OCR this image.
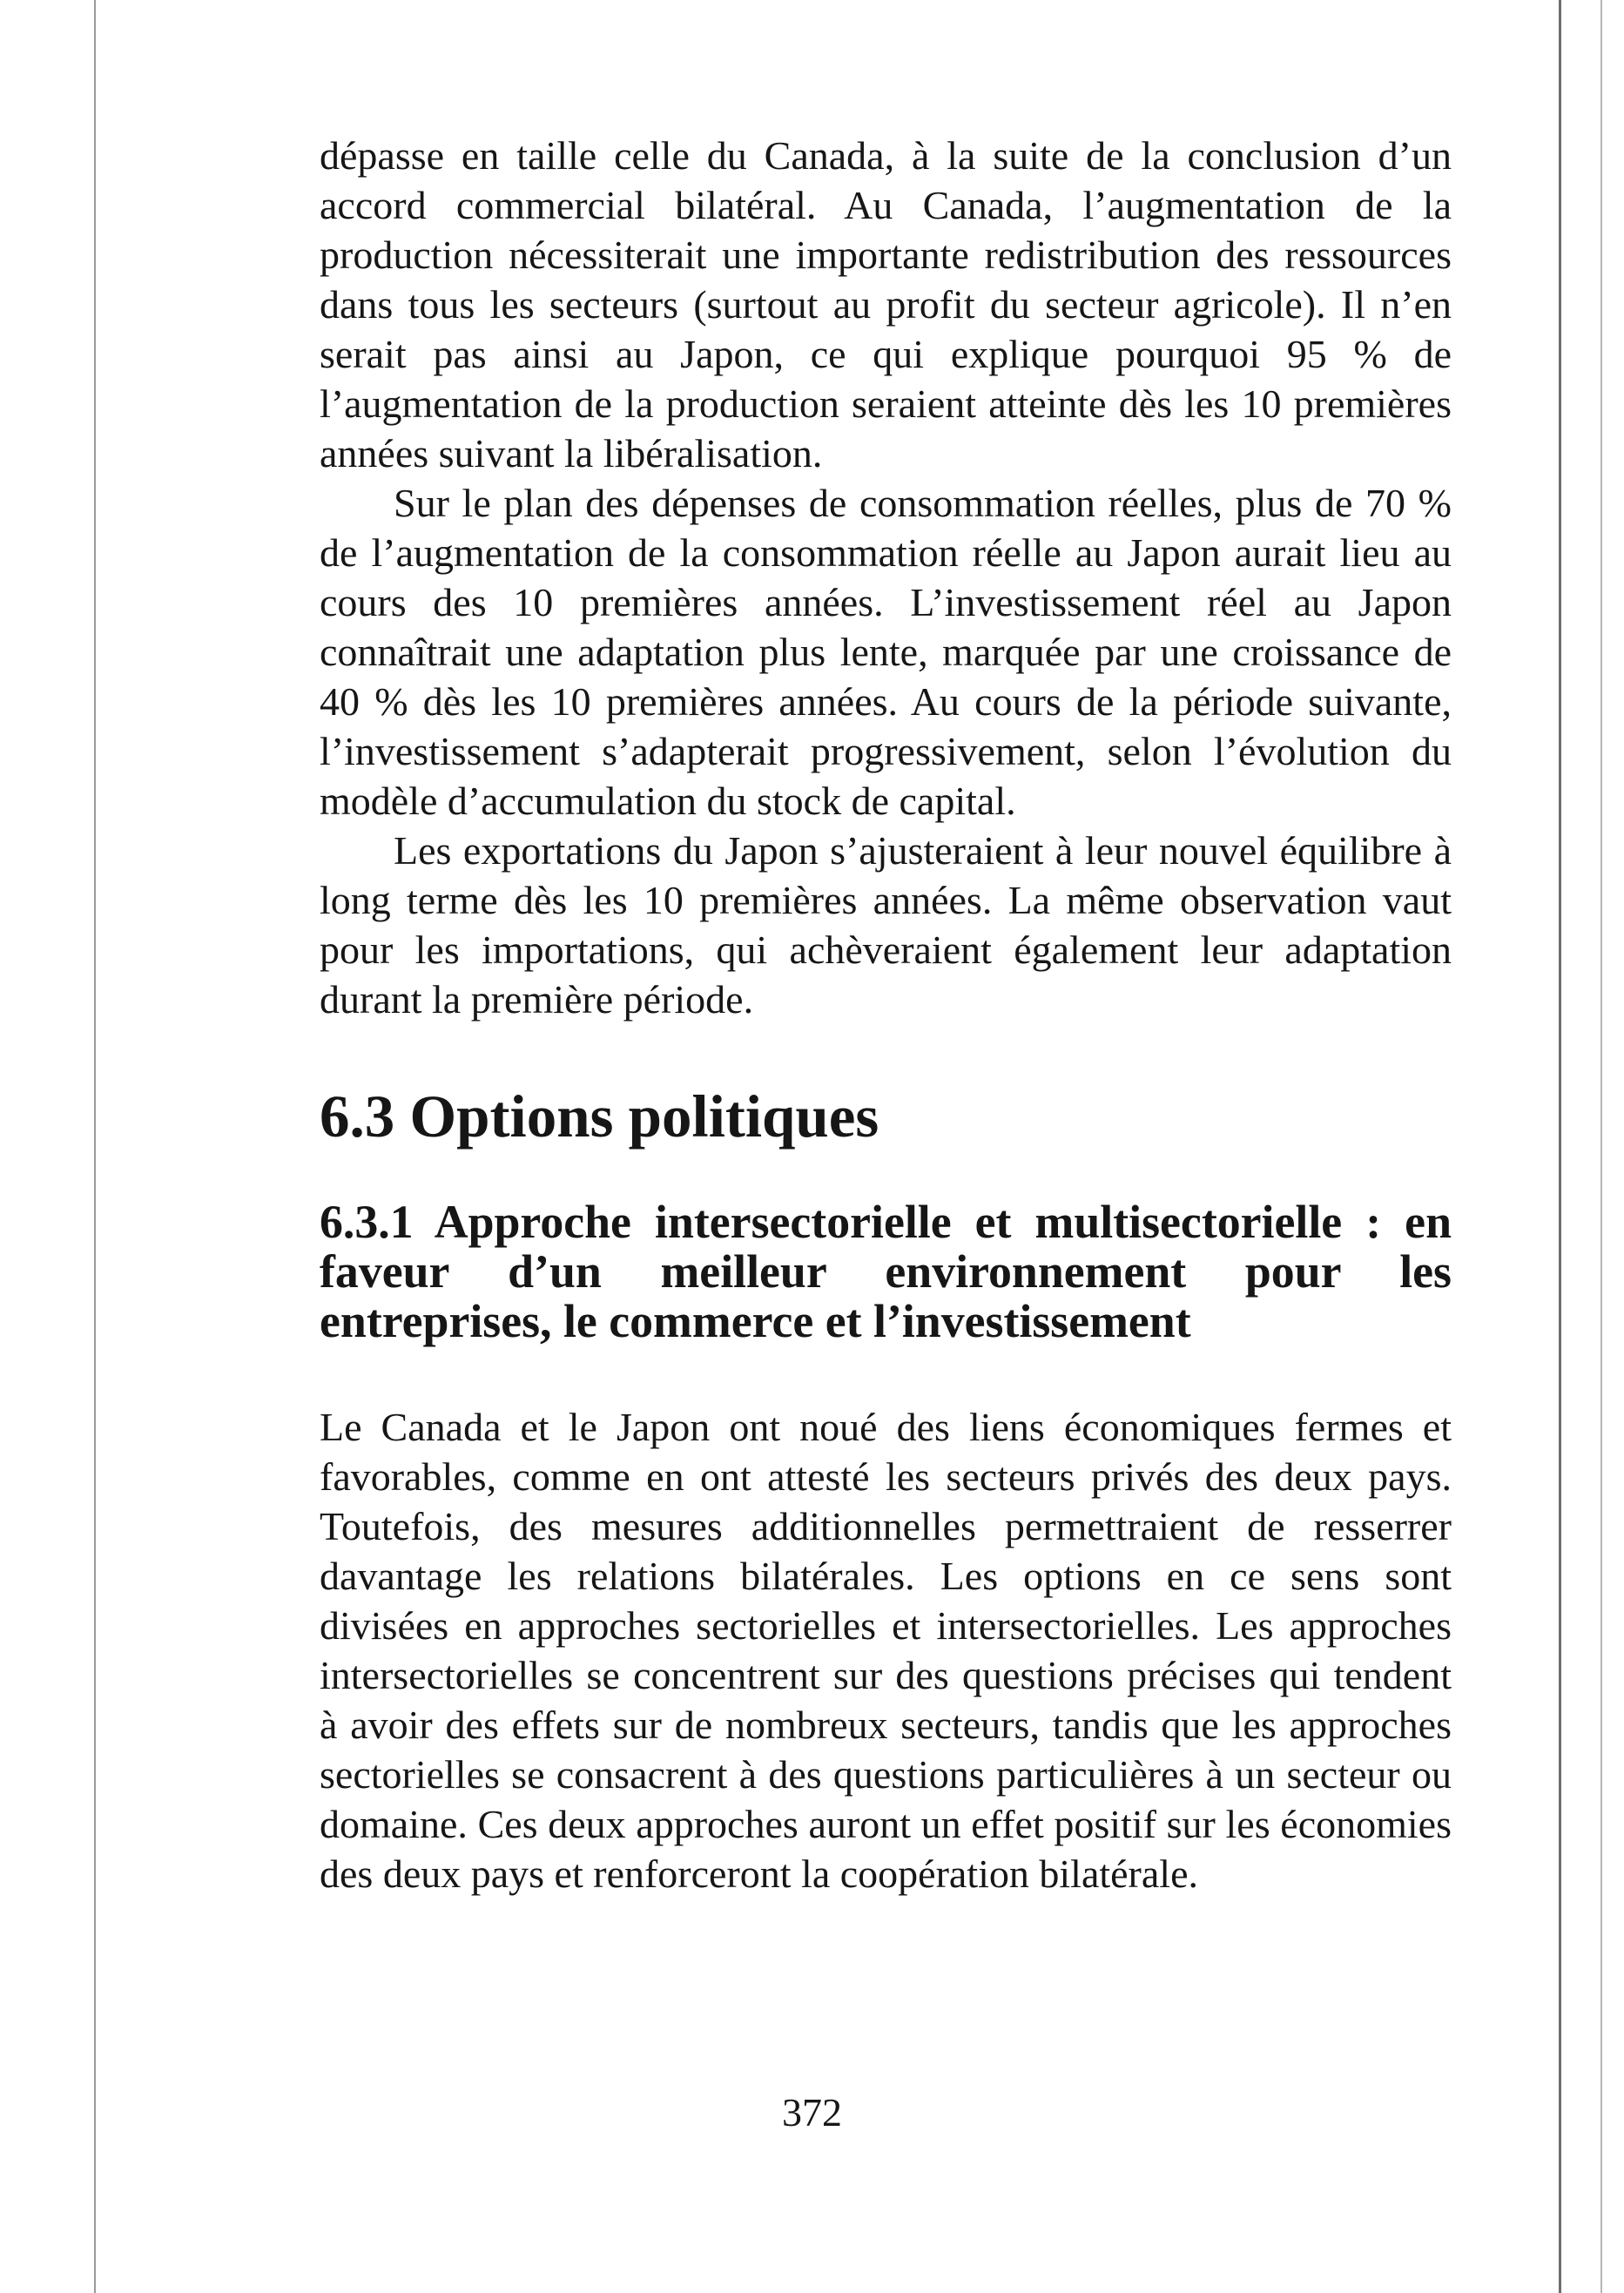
dépasse en taille celle du Canada, à la suite de la conclusion d’un accord commercial bilatéral. Au Canada, l’augmentation de la production nécessiterait une importante redistribution des ressources dans tous les secteurs (surtout au profit du secteur agricole). Il n’en serait pas ainsi au Japon, ce qui explique pourquoi 95 % de l’augmentation de la production seraient atteinte dès les 10 premières années suivant la libéralisation.

Sur le plan des dépenses de consommation réelles, plus de 70 % de l’augmentation de la consommation réelle au Japon aurait lieu au cours des 10 premières années. L’investissement réel au Japon connaîtrait une adaptation plus lente, marquée par une croissance de 40 % dès les 10 premières années. Au cours de la période suivante, l’investissement s’adapterait progressivement, selon l’évolution du modèle d’accumulation du stock de capital.

Les exportations du Japon s’ajusteraient à leur nouvel équilibre à long terme dès les 10 premières années. La même observation vaut pour les importations, qui achèveraient également leur adaptation durant la première période.

6.3 Options politiques
6.3.1 Approche intersectorielle et multisectorielle : en faveur d’un meilleur environnement pour les entreprises, le commerce et l’investissement

Le Canada et le Japon ont noué des liens économiques fermes et favorables, comme en ont attesté les secteurs privés des deux pays. Toutefois, des mesures additionnelles permettraient de resserrer davantage les relations bilatérales. Les options en ce sens sont divisées en approches sectorielles et intersectorielles. Les approches intersectorielles se concentrent sur des questions précises qui tendent à avoir des effets sur de nombreux secteurs, tandis que les approches sectorielles se consacrent à des questions particulières à un secteur ou domaine. Ces deux approches auront un effet positif sur les économies des deux pays et renforceront la coopération bilatérale.

372
